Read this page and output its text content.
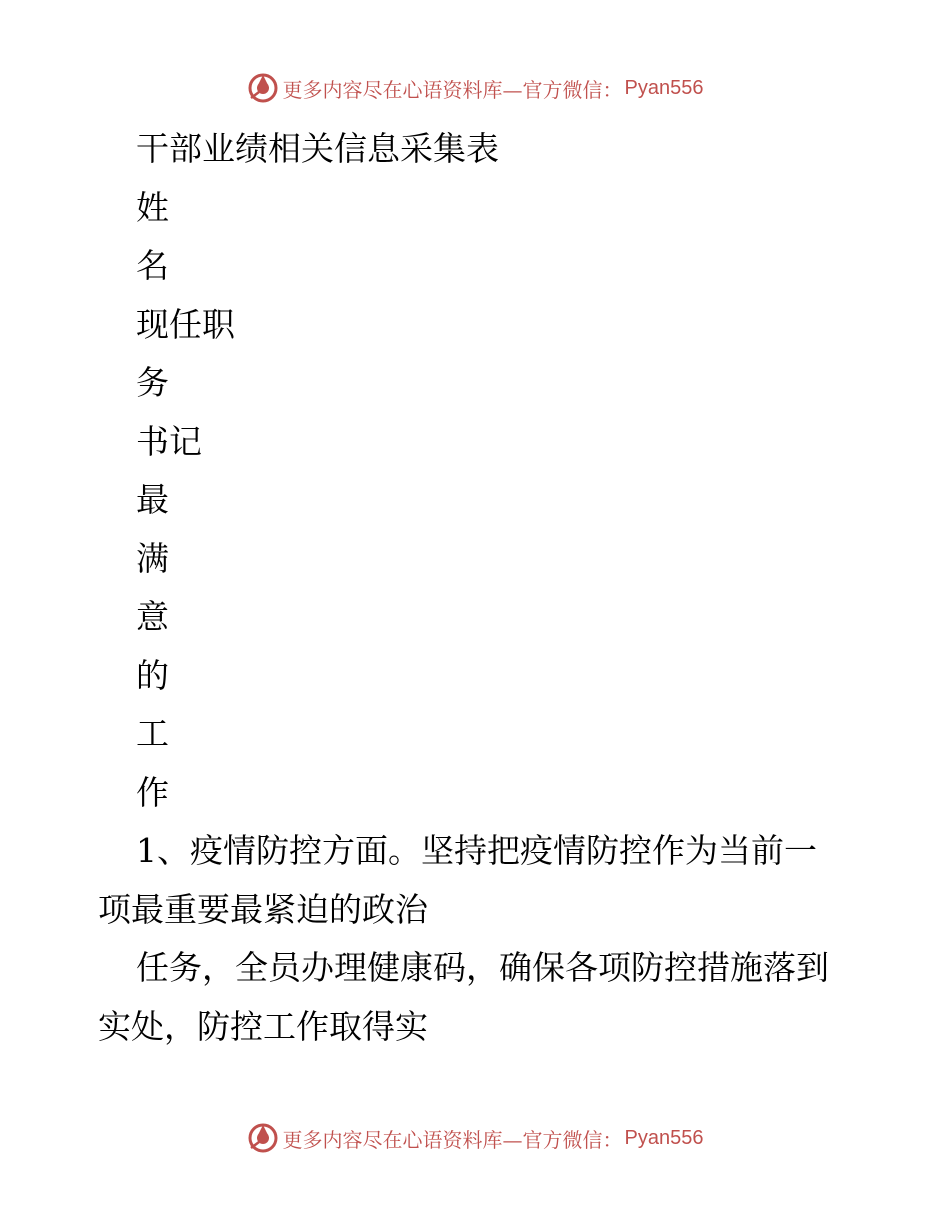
更多内容尽在心语资料库—官方微信： Pyan556
干部业绩相关信息采集表
姓
名
现任职
务
书记
最
满
意
的
工
作
1、疫情防控方面。坚持把疫情防控作为当前一
项最重要最紧迫的政治
任务，全员办理健康码，确保各项防控措施落到
实处，防控工作取得实
更多内容尽在心语资料库—官方微信： Pyan556
